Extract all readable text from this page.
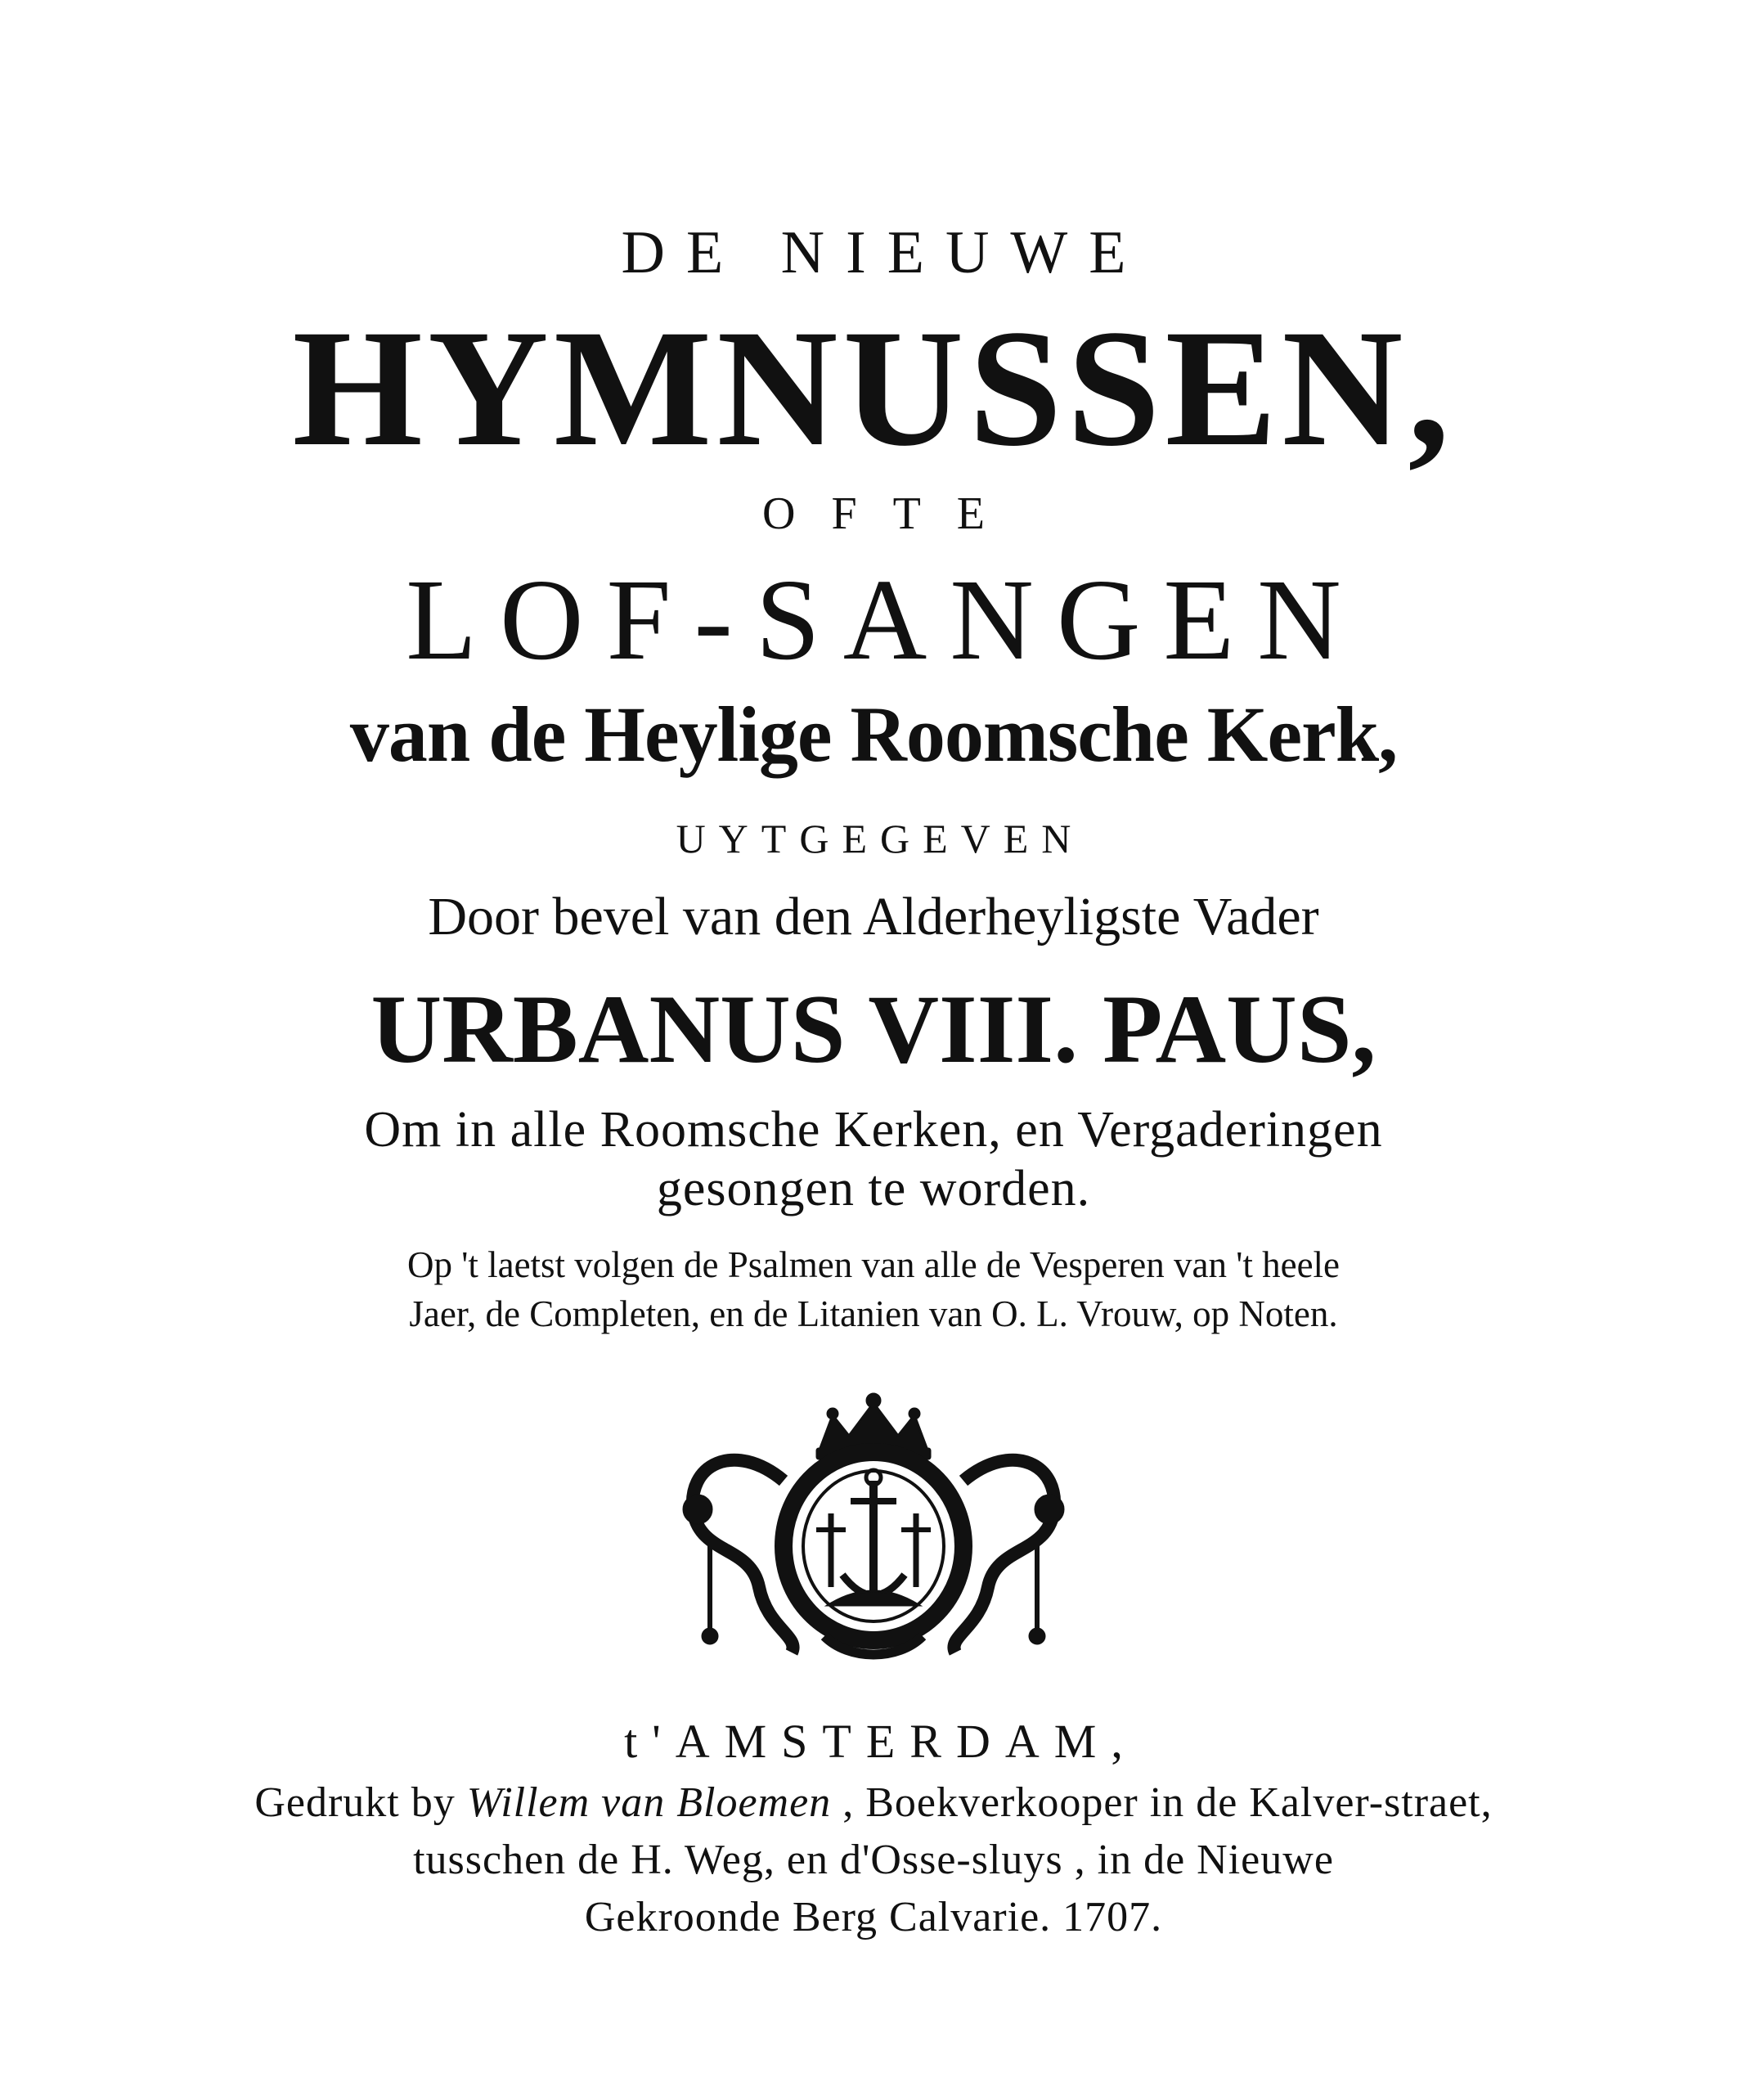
DE NIEUWE
HYMNUSSEN,
OFTE
LOF-SANGEN
van de Heylige Roomsche Kerk,
UYTGEGEVEN
Door bevel van den Alderheyligste Vader
URBANUS VIII. PAUS,
Om in alle Roomsche Kerken, en Vergaderingen
gesongen te worden.
Op 't laetst volgen de Psalmen van alle de Vesperen van 't heele
Jaer, de Completen, en de Litanien van O. L. Vrouw, op Noten.
t'AMSTERDAM,
Gedrukt by Willem van Bloemen , Boekverkooper in de Kalver-straet,
tusschen de H. Weg, en d'Osse-sluys , in de Nieuwe
Gekroonde Berg Calvarie. 1707.
